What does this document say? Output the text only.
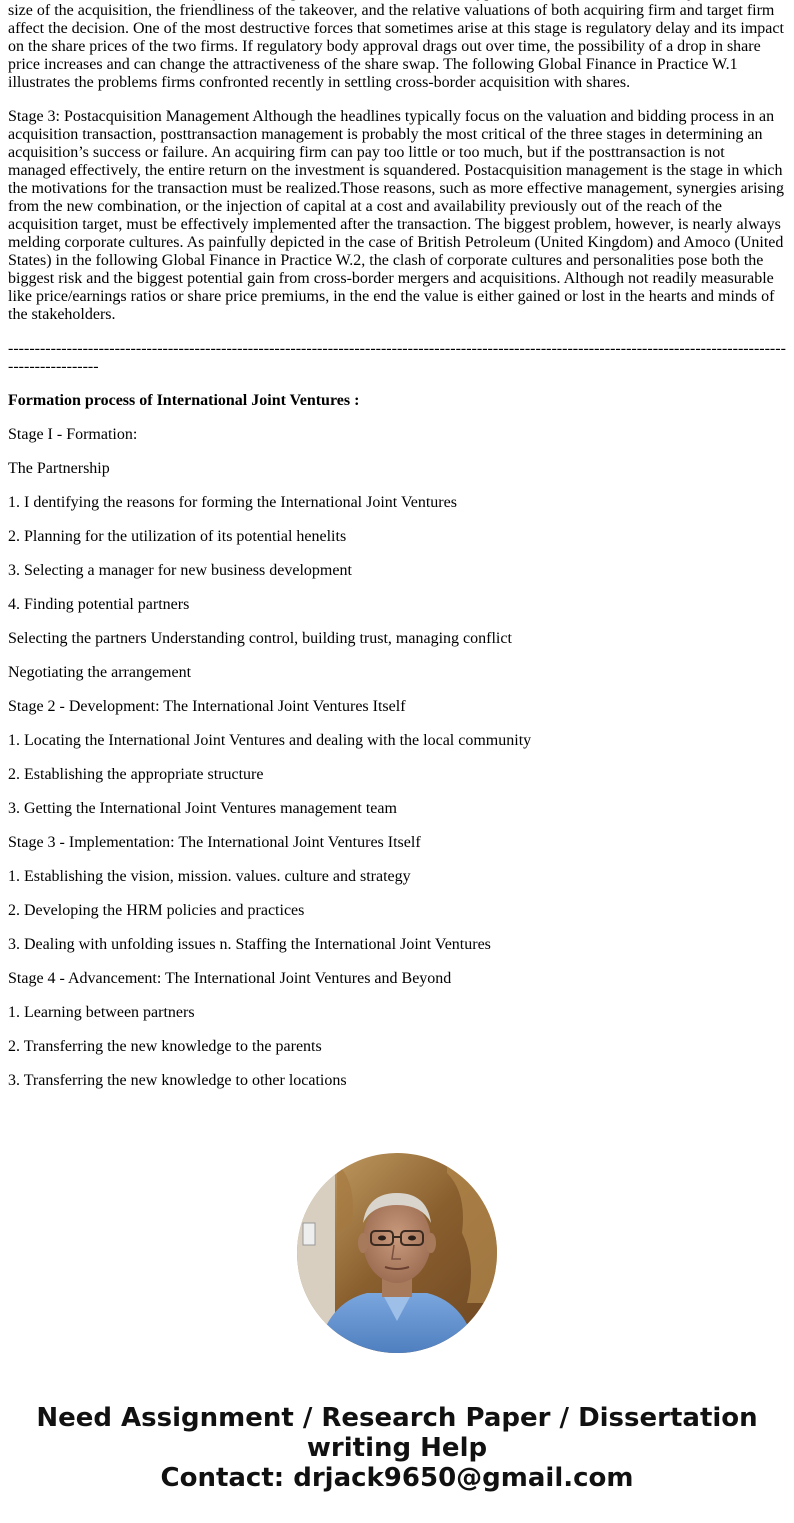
size of the acquisition, the friendliness of the takeover, and the relative valuations of both acquiring firm and target firm affect the decision. One of the most destructive forces that sometimes arise at this stage is regulatory delay and its impact on the share prices of the two firms. If regulatory body approval drags out over time, the possibility of a drop in share price increases and can change the attractiveness of the share swap. The following Global Finance in Practice W.1 illustrates the problems firms confronted recently in settling cross-border acquisition with shares.

Stage 3: Postacquisition Management Although the headlines typically focus on the valuation and bidding process in an acquisition transaction, posttransaction management is probably the most critical of the three stages in determining an acquisition’s success or failure. An acquiring firm can pay too little or too much, but if the posttransaction is not managed effectively, the entire return on the investment is squandered. Postacquisition management is the stage in which the motivations for the transaction must be realized.Those reasons, such as more effective management, synergies arising from the new combination, or the injection of capital at a cost and availability previously out of the reach of the acquisition target, must be effectively implemented after the transaction. The biggest problem, however, is nearly always melding corporate cultures. As painfully depicted in the case of British Petroleum (United Kingdom) and Amoco (United States) in the following Global Finance in Practice W.2, the clash of corporate cultures and personalities pose both the biggest risk and the biggest potential gain from cross-border mergers and acquisitions. Although not readily measurable like price/earnings ratios or share price premiums, in the end the value is either gained or lost in the hearts and minds of the stakeholders.

-------------------------------------------------------------------------------------------------------------------------------------------------------------------

Formation process of International Joint Ventures :

Stage I - Formation:

The Partnership

1. I dentifying the reasons for forming the International Joint Ventures

2. Planning for the utilization of its potential henelits

3. Selecting a manager for new business development

4. Finding potential partners

Selecting the partners Understanding control, building trust, managing conflict

Negotiating the arrangement

Stage 2 - Development: The International Joint Ventures Itself

1. Locating the International Joint Ventures and dealing with the local community

2. Establishing the appropriate structure

3. Getting the International Joint Ventures management team

Stage 3 - Implementation: The International Joint Ventures Itself

1. Establishing the vision, mission. values. culture and strategy

2. Developing the HRM policies and practices

3. Dealing with unfolding issues n. Staffing the International Joint Ventures

Stage 4 - Advancement: The International Joint Ventures and Beyond

1. Learning between partners

2. Transferring the new knowledge to the parents

3. Transferring the new knowledge to other locations

Need Assignment / Research Paper / Dissertation writing Help
Contact: drjack9650@gmail.com
